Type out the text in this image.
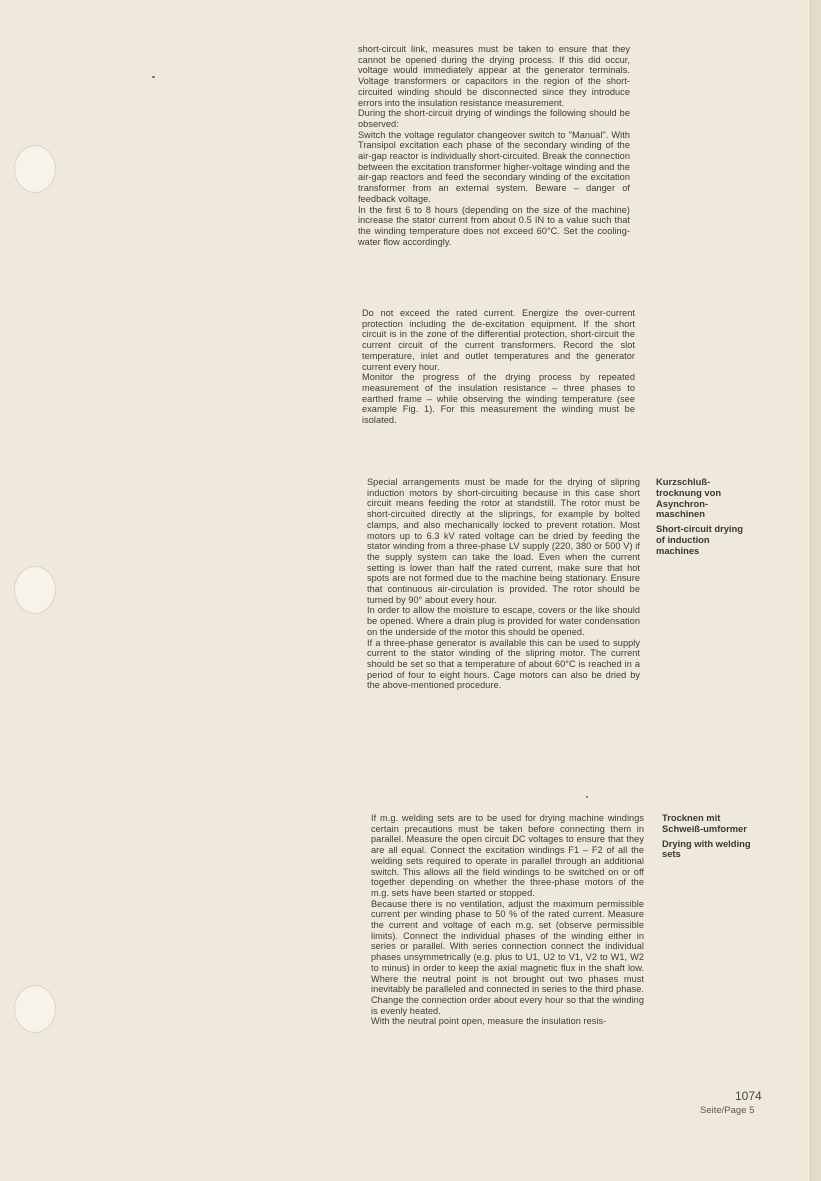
short-circuit link, measures must be taken to ensure that they cannot be opened during the drying process. If this did occur, voltage would immediately appear at the generator terminals. Voltage transformers or capacitors in the region of the short-circuited winding should be disconnected since they introduce errors into the insulation resistance measurement.

During the short-circuit drying of windings the following should be observed:

Switch the voltage regulator changeover switch to "Manual". With Transipol excitation each phase of the secondary winding of the air-gap reactor is individually short-circuited. Break the connection between the excitation transformer higher-voltage winding and the air-gap reactors and feed the secondary winding of the excitation transformer from an external system. Beware – danger of feedback voltage.

In the first 6 to 8 hours (depending on the size of the machine) increase the stator current from about 0.5 IN to a value such that the winding temperature does not exceed 60°C. Set the cooling-water flow accordingly.

Do not exceed the rated current. Energize the over-current protection including the de-excitation equipment. If the short circuit is in the zone of the differential protection, short-circuit the current circuit of the current transformers. Record the slot temperature, inlet and outlet temperatures and the generator current every hour.

Monitor the progress of the drying process by repeated measurement of the insulation resistance – three phases to earthed frame – while observing the winding temperature (see example Fig. 1). For this measurement the winding must be isolated.

Special arrangements must be made for the drying of slipring induction motors by short-circuiting because in this case short circuit means feeding the rotor at standstill. The rotor must be short-circuited directly at the sliprings, for example by bolted clamps, and also mechanically locked to prevent rotation. Most motors up to 6.3 kV rated voltage can be dried by feeding the stator winding from a three-phase LV supply (220, 380 or 500 V) if the supply system can take the load. Even when the current setting is lower than half the rated current, make sure that hot spots are not formed due to the machine being stationary. Ensure that continuous air-circulation is provided. The rotor should be turned by 90° about every hour.

In order to allow the moisture to escape, covers or the like should be opened. Where a drain plug is provided for water condensation on the underside of the motor this should be opened.

If a three-phase generator is available this can be used to supply current to the stator winding of the slipring motor. The current should be set so that a temperature of about 60°C is reached in a period of four to eight hours. Cage motors can also be dried by the above-mentioned procedure.

Kurzschluß-trocknung von Asynchron-maschinen

Short-circuit drying of induction machines

If m.g. welding sets are to be used for drying machine windings certain precautions must be taken before connecting them in parallel. Measure the open circuit DC voltages to ensure that they are all equal. Connect the excitation windings F1 – F2 of all the welding sets required to operate in parallel through an additional switch. This allows all the field windings to be switched on or off together depending on whether the three-phase motors of the m.g. sets have been started or stopped.

Because there is no ventilation, adjust the maximum permissible current per winding phase to 50 % of the rated current. Measure the current and voltage of each m.g. set (observe permissible limits). Connect the individual phases of the winding either in series or parallel. With series connection connect the individual phases unsymmetrically (e.g. plus to U1, U2 to V1, V2 to W1, W2 to minus) in order to keep the axial magnetic flux in the shaft low. Where the neutral point is not brought out two phases must inevitably be paralleled and connected in series to the third phase. Change the connection order about every hour so that the winding is evenly heated.

With the neutral point open, measure the insulation resis-

Trocknen mit Schweiß-umformer

Drying with welding sets

1074
Seite/Page 5
